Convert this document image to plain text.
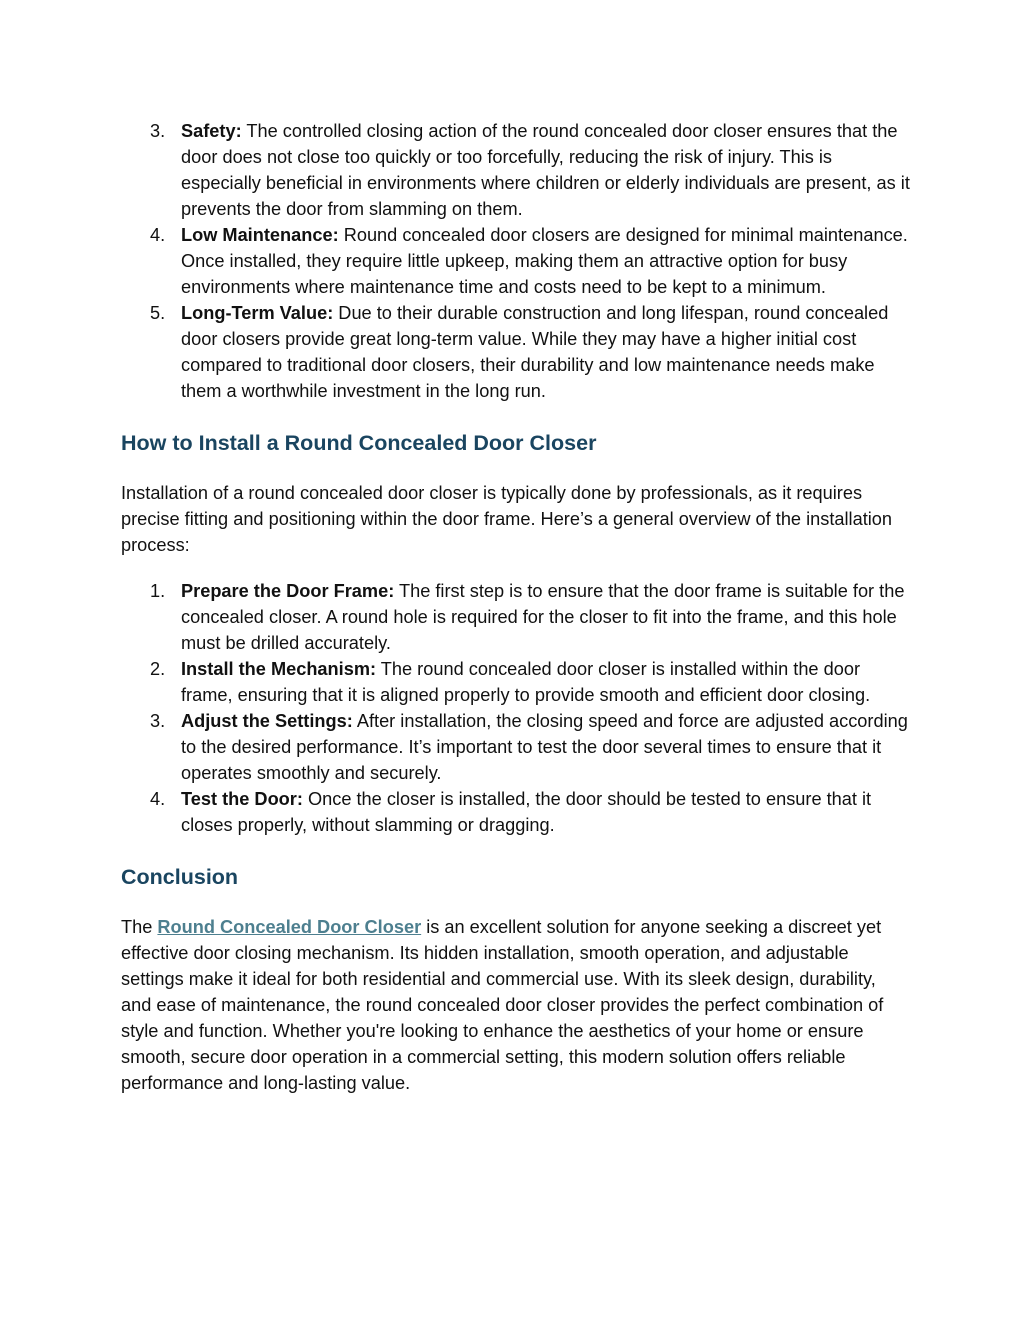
3. Safety: The controlled closing action of the round concealed door closer ensures that the door does not close too quickly or too forcefully, reducing the risk of injury. This is especially beneficial in environments where children or elderly individuals are present, as it prevents the door from slamming on them.
4. Low Maintenance: Round concealed door closers are designed for minimal maintenance. Once installed, they require little upkeep, making them an attractive option for busy environments where maintenance time and costs need to be kept to a minimum.
5. Long-Term Value: Due to their durable construction and long lifespan, round concealed door closers provide great long-term value. While they may have a higher initial cost compared to traditional door closers, their durability and low maintenance needs make them a worthwhile investment in the long run.
How to Install a Round Concealed Door Closer

Installation of a round concealed door closer is typically done by professionals, as it requires precise fitting and positioning within the door frame. Here’s a general overview of the installation process:

1. Prepare the Door Frame: The first step is to ensure that the door frame is suitable for the concealed closer. A round hole is required for the closer to fit into the frame, and this hole must be drilled accurately.
2. Install the Mechanism: The round concealed door closer is installed within the door frame, ensuring that it is aligned properly to provide smooth and efficient door closing.
3. Adjust the Settings: After installation, the closing speed and force are adjusted according to the desired performance. It’s important to test the door several times to ensure that it operates smoothly and securely.
4. Test the Door: Once the closer is installed, the door should be tested to ensure that it closes properly, without slamming or dragging.
Conclusion

The Round Concealed Door Closer is an excellent solution for anyone seeking a discreet yet effective door closing mechanism. Its hidden installation, smooth operation, and adjustable settings make it ideal for both residential and commercial use. With its sleek design, durability, and ease of maintenance, the round concealed door closer provides the perfect combination of style and function. Whether you're looking to enhance the aesthetics of your home or ensure smooth, secure door operation in a commercial setting, this modern solution offers reliable performance and long-lasting value.
